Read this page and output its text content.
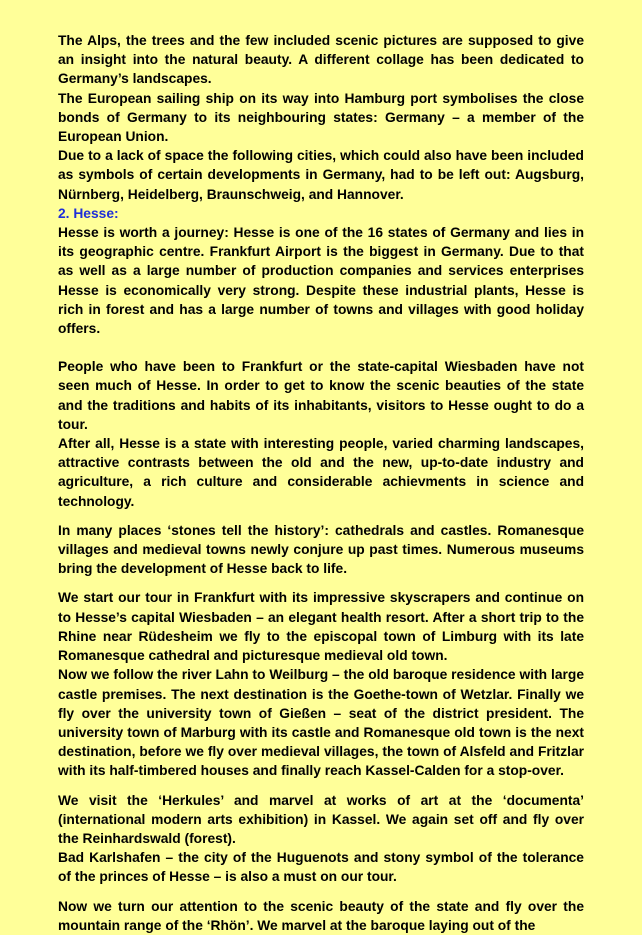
The Alps, the trees and the few included scenic pictures are supposed to give an insight into the natural beauty. A different collage has been dedicated to Germany’s landscapes.

The European sailing ship on its way into Hamburg port symbolises the close bonds of Germany to its neighbouring states: Germany – a member of the European Union.

Due to a lack of space the following cities, which could also have been included as symbols of certain developments in Germany, had to be left out: Augsburg, Nürnberg, Heidelberg, Braunschweig, and Hannover.

2. Hesse:

Hesse is worth a journey: Hesse is one of the 16 states of Germany and lies in its geographic centre. Frankfurt Airport is the biggest in Germany. Due to that as well as a large number of production companies and services enterprises Hesse is economically very strong. Despite these industrial plants, Hesse is rich in forest and has a large number of towns and villages with good holiday offers.

People who have been to Frankfurt or the state-capital Wiesbaden have not seen much of Hesse. In order to get to know the scenic beauties of the state and the traditions and habits of its inhabitants, visitors to Hesse ought to do a tour.

After all, Hesse is a state with interesting people, varied charming landscapes, attractive contrasts between the old and the new, up-to-date industry and agriculture, a rich culture and considerable achievments in science and technology.

In many places ‘stones tell the history’: cathedrals and castles. Romanesque villages and medieval towns newly conjure up past times. Numerous museums bring the development of Hesse back to life.

We start our tour in Frankfurt with its impressive skyscrapers and continue on to Hesse’s capital Wiesbaden – an elegant health resort. After a short trip to the Rhine near Rüdesheim we fly to the episcopal town of Limburg with its late Romanesque cathedral and picturesque medieval old town.

Now we follow the river Lahn to Weilburg – the old baroque residence with large castle premises. The next destination is the Goethe-town of Wetzlar. Finally we fly over the university town of Gießen – seat of the district president. The university town of Marburg with its castle and Romanesque old town is the next destination, before we fly over medieval villages, the town of Alsfeld and Fritzlar with its half-timbered houses and finally reach Kassel-Calden for a stop-over.

We visit the ‘Herkules’ and marvel at works of art at the ‘documenta’ (international modern arts exhibition) in Kassel. We again set off and fly over the Reinhardswald (forest).

Bad Karlshafen – the city of the Huguenots and stony symbol of the tolerance of the princes of Hesse – is also a must on our tour.

Now we turn our attention to the scenic beauty of the state and fly over the mountain range of the ‘Rhön’. We marvel at the baroque laying out of the
